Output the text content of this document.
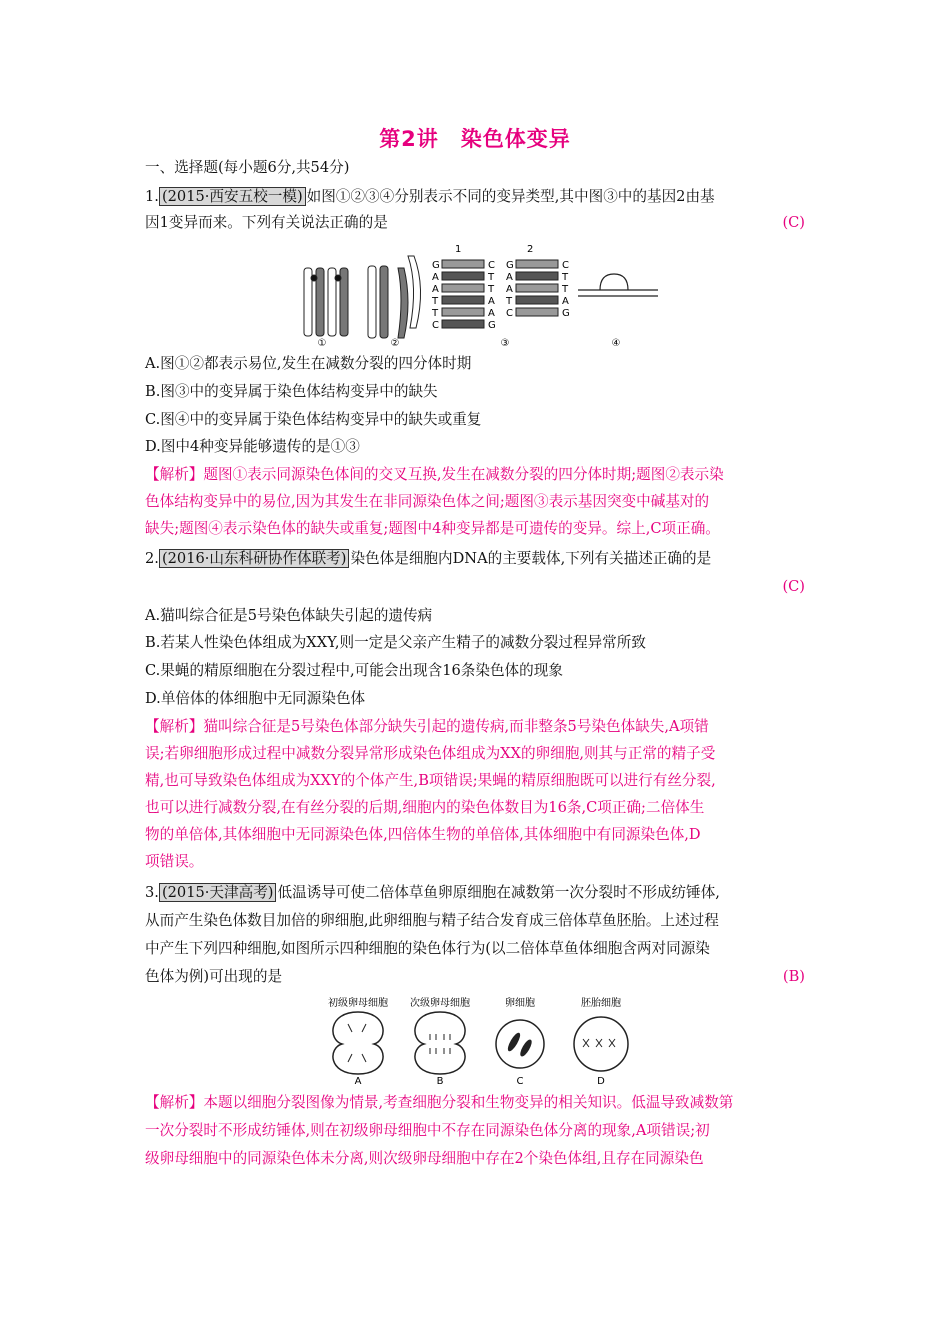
第2讲　染色体变异
一、选择题(每小题6分,共54分)
1. (2015·西安五校一模) 如图①②③④分别表示不同的变异类型,其中图③中的基因2由基
因1变异而来。下列有关说法正确的是	(C)
1	2
G	C
A	T
A	T
T	A
T	A
C	G
G	C
A	T
A	T
T	A
C	G
①	②	③	④
A.图①②都表示易位,发生在减数分裂的四分体时期
B.图③中的变异属于染色体结构变异中的缺失
C.图④中的变异属于染色体结构变异中的缺失或重复
D.图中4种变异能够遗传的是①③
【解析】题图①表示同源染色体间的交叉互换,发生在减数分裂的四分体时期;题图②表示染
色体结构变异中的易位,因为其发生在非同源染色体之间;题图③表示基因突变中碱基对的
缺失;题图④表示染色体的缺失或重复;题图中4种变异都是可遗传的变异。综上,C项正确。
2. (2016·山东科研协作体联考) 染色体是细胞内DNA的主要载体,下列有关描述正确的是
(C)
A.猫叫综合征是5号染色体缺失引起的遗传病
B.若某人性染色体组成为XXY,则一定是父亲产生精子的减数分裂过程异常所致
C.果蝇的精原细胞在分裂过程中,可能会出现含16条染色体的现象
D.单倍体的体细胞中无同源染色体
【解析】猫叫综合征是5号染色体部分缺失引起的遗传病,而非整条5号染色体缺失,A项错
误;若卵细胞形成过程中减数分裂异常形成染色体组成为XX的卵细胞,则其与正常的精子受
精,也可导致染色体组成为XXY的个体产生,B项错误;果蝇的精原细胞既可以进行有丝分裂,
也可以进行减数分裂,在有丝分裂的后期,细胞内的染色体数目为16条,C项正确;二倍体生
物的单倍体,其体细胞中无同源染色体,四倍体生物的单倍体,其体细胞中有同源染色体,D
项错误。
3. (2015·天津高考) 低温诱导可使二倍体草鱼卵原细胞在减数第一次分裂时不形成纺锤体,
从而产生染色体数目加倍的卵细胞,此卵细胞与精子结合发育成三倍体草鱼胚胎。上述过程
中产生下列四种细胞,如图所示四种细胞的染色体行为(以二倍体草鱼体细胞含两对同源染
色体为例)可出现的是	(B)
初级卵母细胞 次级卵母细胞	卵细胞	胚胎细胞
A	B	C	D
【解析】本题以细胞分裂图像为情景,考查细胞分裂和生物变异的相关知识。低温导致减数第
一次分裂时不形成纺锤体,则在初级卵母细胞中不存在同源染色体分离的现象,A项错误;初
级卵母细胞中的同源染色体未分离,则次级卵母细胞中存在2个染色体组,且存在同源染色
